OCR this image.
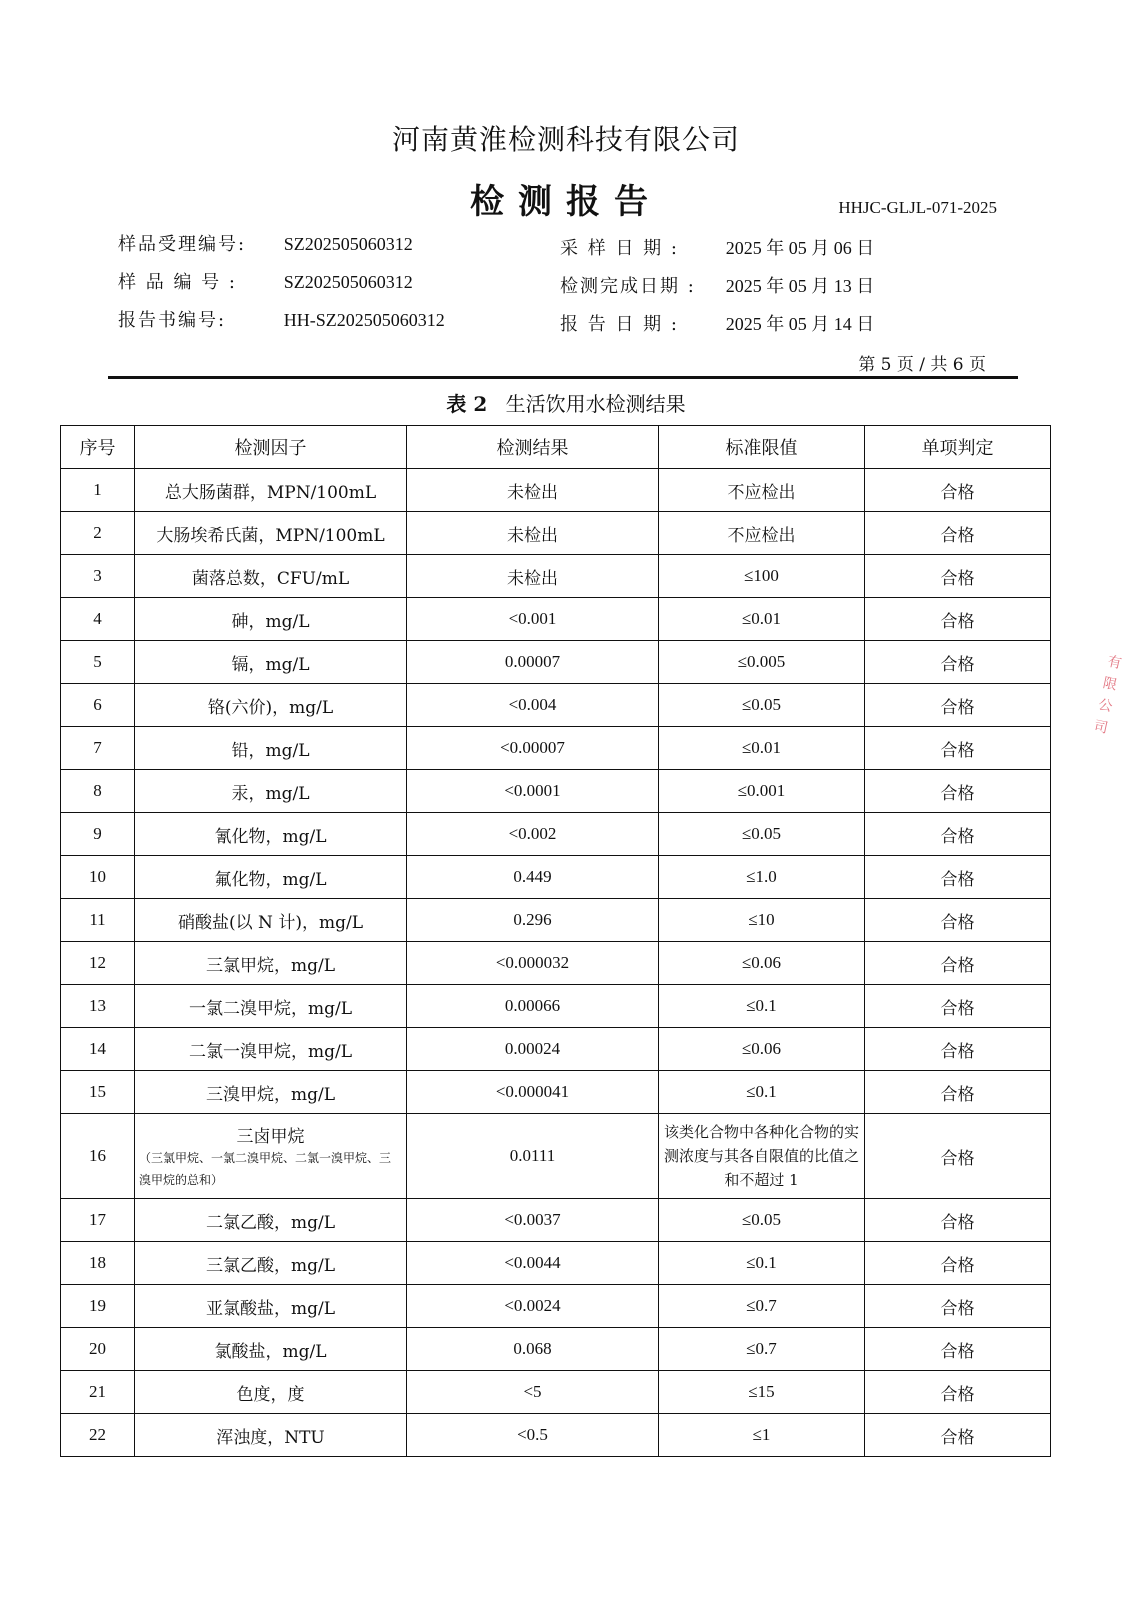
河南黄淮检测科技有限公司
检测报告	HHJC-GLJL-071-2025
样品受理编号: SZ202505060312
样 品 编 号 :	SZ202505060312
报告书编号:	HH-SZ202505060312
采 样 日 期 :	2025 年 05 月 06 日
检测完成日期 : 2025 年 05 月 13 日
报 告 日 期 :	2025 年 05 月 14 日
第 5 页 / 共 6 页
表 2 生活饮用水检测结果
序号	检测因子	检测结果	标准限值	单项判定
1	总大肠菌群，MPN/100mL	未检出	不应检出	合格
2	大肠埃希氏菌，MPN/100mL	未检出	不应检出	合格
3	菌落总数，CFU/mL	未检出	≤100	合格
4	砷，mg/L	<0.001	≤0.01	合格
5	镉，mg/L	0.00007	≤0.005	合格
6	铬(六价)，mg/L	<0.004	≤0.05	合格
7	铅，mg/L	<0.00007	≤0.01	合格
8	汞，mg/L	<0.0001	≤0.001	合格
9	氰化物，mg/L	<0.002	≤0.05	合格
10	氟化物，mg/L	0.449	≤1.0	合格
11	硝酸盐(以 N 计)，mg/L	0.296	≤10	合格
12	三氯甲烷，mg/L	<0.000032	≤0.06	合格
13	一氯二溴甲烷，mg/L	0.00066	≤0.1	合格
14	二氯一溴甲烷，mg/L	0.00024	≤0.06	合格
15	三溴甲烷，mg/L	<0.000041	≤0.1	合格
16	三卤甲烷
（三氯甲烷、一氯二溴甲烷、二氯一溴甲烷、三溴甲烷的总和）	0.0111	该类化合物中各种化合物的实测浓度与其各自限值的比值之和不超过 1	合格
17	二氯乙酸，mg/L	<0.0037	≤0.05	合格
18	三氯乙酸，mg/L	<0.0044	≤0.1	合格
19	亚氯酸盐，mg/L	<0.0024	≤0.7	合格
20	氯酸盐，mg/L	0.068	≤0.7	合格
21	色度，度	<5	≤15	合格
22	浑浊度，NTU	<0.5	≤1	合格
有
限
公
司
